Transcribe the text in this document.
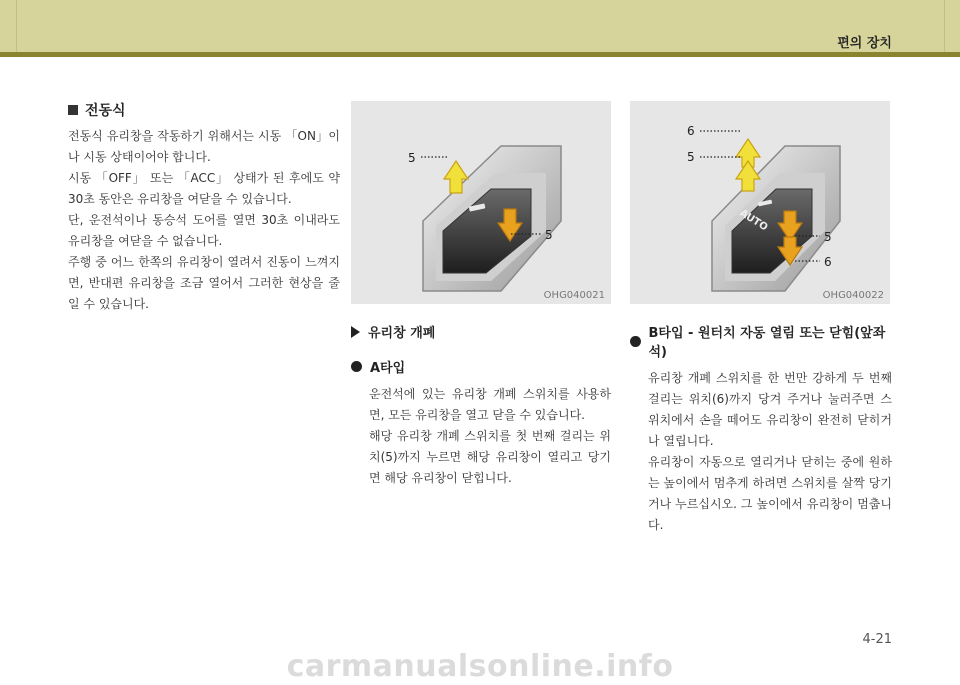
편의 장치
전동식

전동식 유리창을 작동하기 위해서는 시동 「ON」이나 시동 상태이어야 합니다.

시동 「OFF」 또는 「ACC」 상태가 된 후에도 약 30초 동안은 유리창을 여닫을 수 있습니다.

단, 운전석이나 동승석 도어를 열면 30초 이내라도 유리창을 여닫을 수 없습니다.

주행 중 어느 한쪽의 유리창이 열려서 진동이 느껴지면, 반대편 유리창을 조금 열어서 그러한 현상을 줄일 수 있습니다.

5
5
OHG040021
AUTO
6
5
5
6
OHG040022
유리창 개폐
A타입

운전석에 있는 유리창 개폐 스위치를 사용하면, 모든 유리창을 열고 닫을 수 있습니다.

해당 유리창 개폐 스위치를 첫 번째 걸리는 위치(5)까지 누르면 해당 유리창이 열리고 당기면 해당 유리창이 닫힙니다.

B타입 - 원터치 자동 열림 또는 닫힘(앞좌석)

유리창 개폐 스위치를 한 번만 강하게 두 번째 걸리는 위치(6)까지 당겨 주거나 눌러주면 스위치에서 손을 떼어도 유리창이 완전히 닫히거나 열립니다.

유리창이 자동으로 열리거나 닫히는 중에 원하는 높이에서 멈추게 하려면 스위치를 살짝 당기거나 누르십시오. 그 높이에서 유리창이 멈춥니다.

4-21
carmanualsonline.info
